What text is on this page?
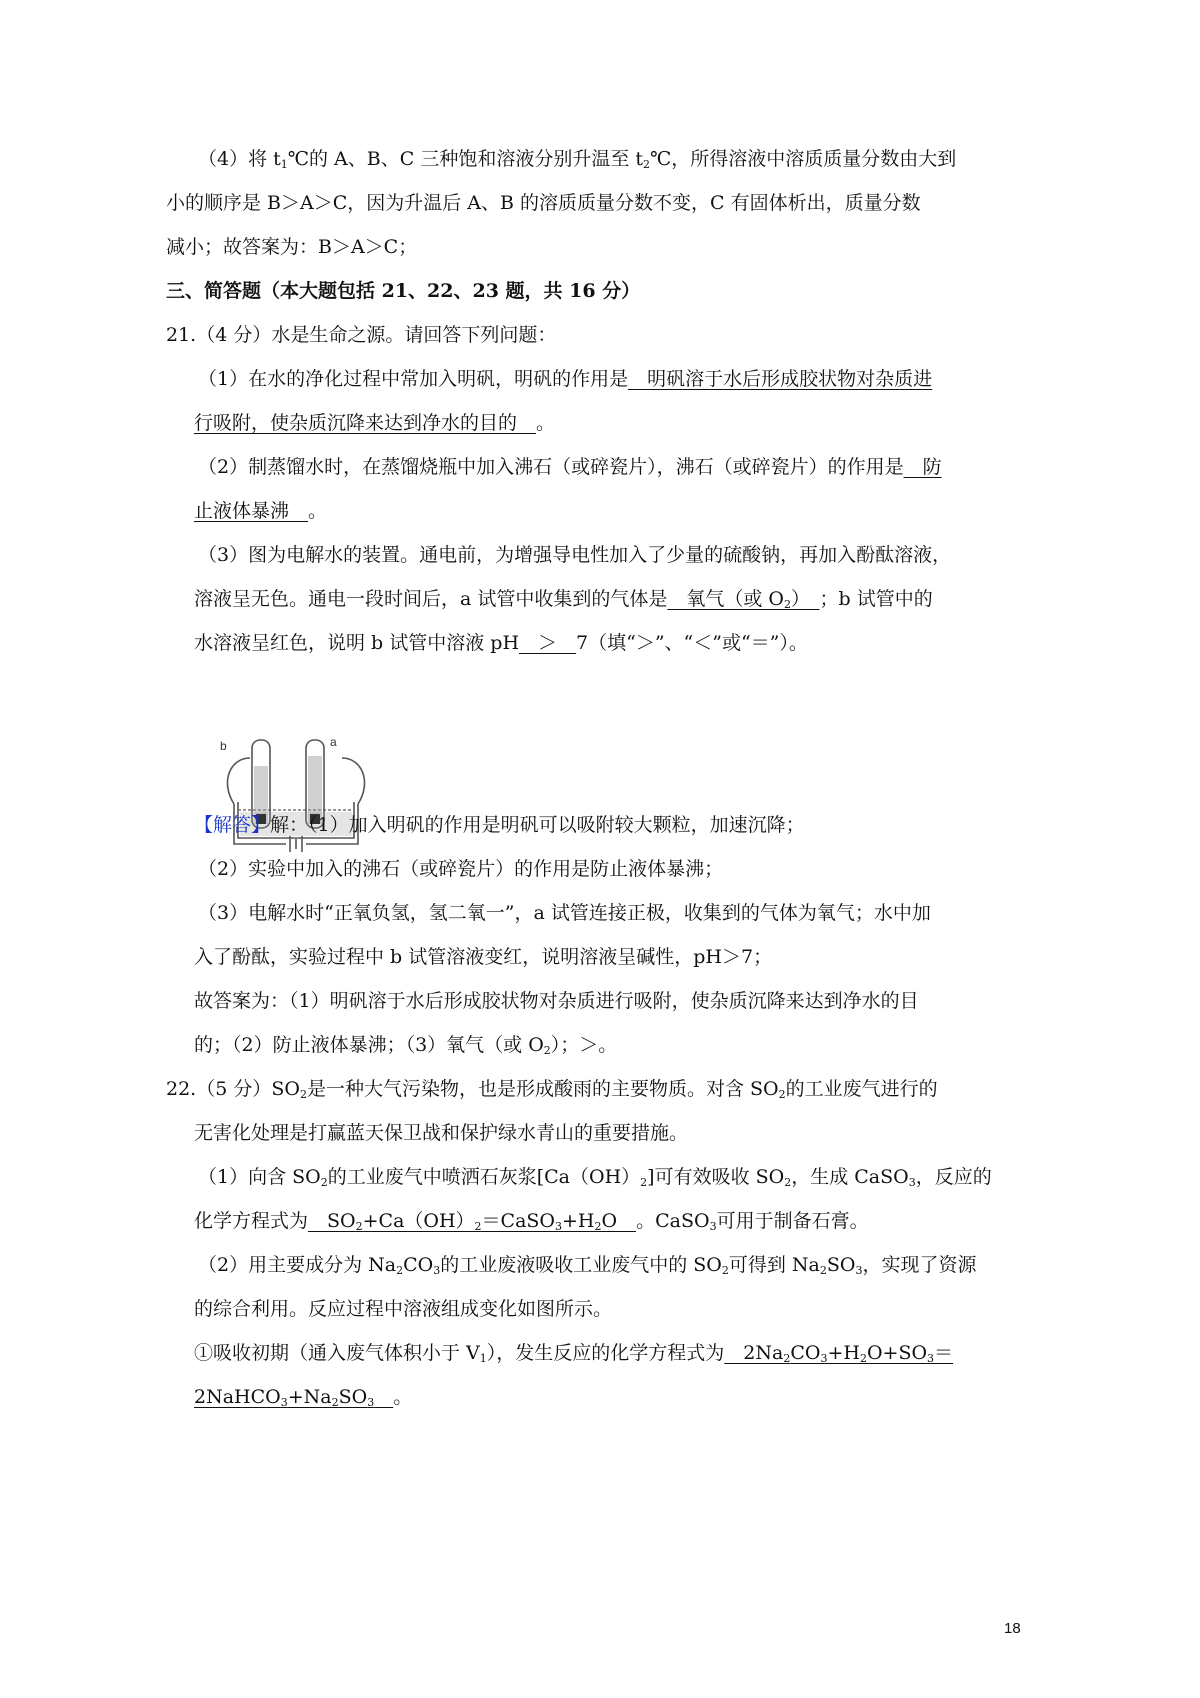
（4）将 $t_1℃$的 A、B、C 三种饱和溶液分别升温至 $t_2℃$，所得溶液中溶质质量分数由大到
小的顺序是 B＞A＞C，因为升温后 A、B 的溶质质量分数不变，C 有固体析出，质量分数
减小；故答案为：B＞A＞C；
三、简答题（本大题包括 21、22、23 题，共 16 分）
21.（4 分）水是生命之源。请回答下列问题：
（1）在水的净化过程中常加入明矾，明矾的作用是　明矾溶于水后形成胶状物对杂质进
行吸附，使杂质沉降来达到净水的目的　。
（2）制蒸馏水时，在蒸馏烧瓶中加入沸石（或碎瓷片），沸石（或碎瓷片）的作用是　防
止液体暴沸　。
（3）图为电解水的装置。通电前，为增强导电性加入了少量的硫酸钠，再加入酚酞溶液，
溶液呈无色。通电一段时间后，a 试管中收集到的气体是　氧气（或 $O_2$）　；b 试管中的
水溶液呈红色，说明 b 试管中溶液 pH　＞　7（填“＞”、“＜”或“＝”）。
b	a
【解答】解：（1）加入明矾的作用是明矾可以吸附较大颗粒，加速沉降；
（2）实验中加入的沸石（或碎瓷片）的作用是防止液体暴沸；
（3）电解水时“正氧负氢，氢二氧一”，a 试管连接正极，收集到的气体为氧气；水中加
入了酚酞，实验过程中 b 试管溶液变红，说明溶液呈碱性，pH＞7；
故答案为：（1）明矾溶于水后形成胶状物对杂质进行吸附，使杂质沉降来达到净水的目
的；（2）防止液体暴沸；（3）氧气（或 $O_2$）；＞。
22.（5 分）$SO_2$是一种大气污染物，也是形成酸雨的主要物质。对含 $SO_2$的工业废气进行的
无害化处理是打赢蓝天保卫战和保护绿水青山的重要措施。
（1）向含 $SO_2$的工业废气中喷洒石灰浆$[Ca(OH)_2]$可有效吸收 $SO_2$，生成 CaSO$_3$，反应的
化学方程式为　$SO_2+Ca(OH)_2=CaSO_3+H_2O$　。CaSO$_3$可用于制备石膏。
（2）用主要成分为 $Na_2CO_3$的工业废液吸收工业废气中的 $SO_2$可得到 $Na_2SO_3$，实现了资源
的综合利用。反应过程中溶液组成变化如图所示。
①吸收初期（通入废气体积小于 $V_1$），发生反应的化学方程式为　$2Na_2CO_3+H_2O+SO_3=$
$2NaHCO_3+Na_2SO_3$　 。
18
